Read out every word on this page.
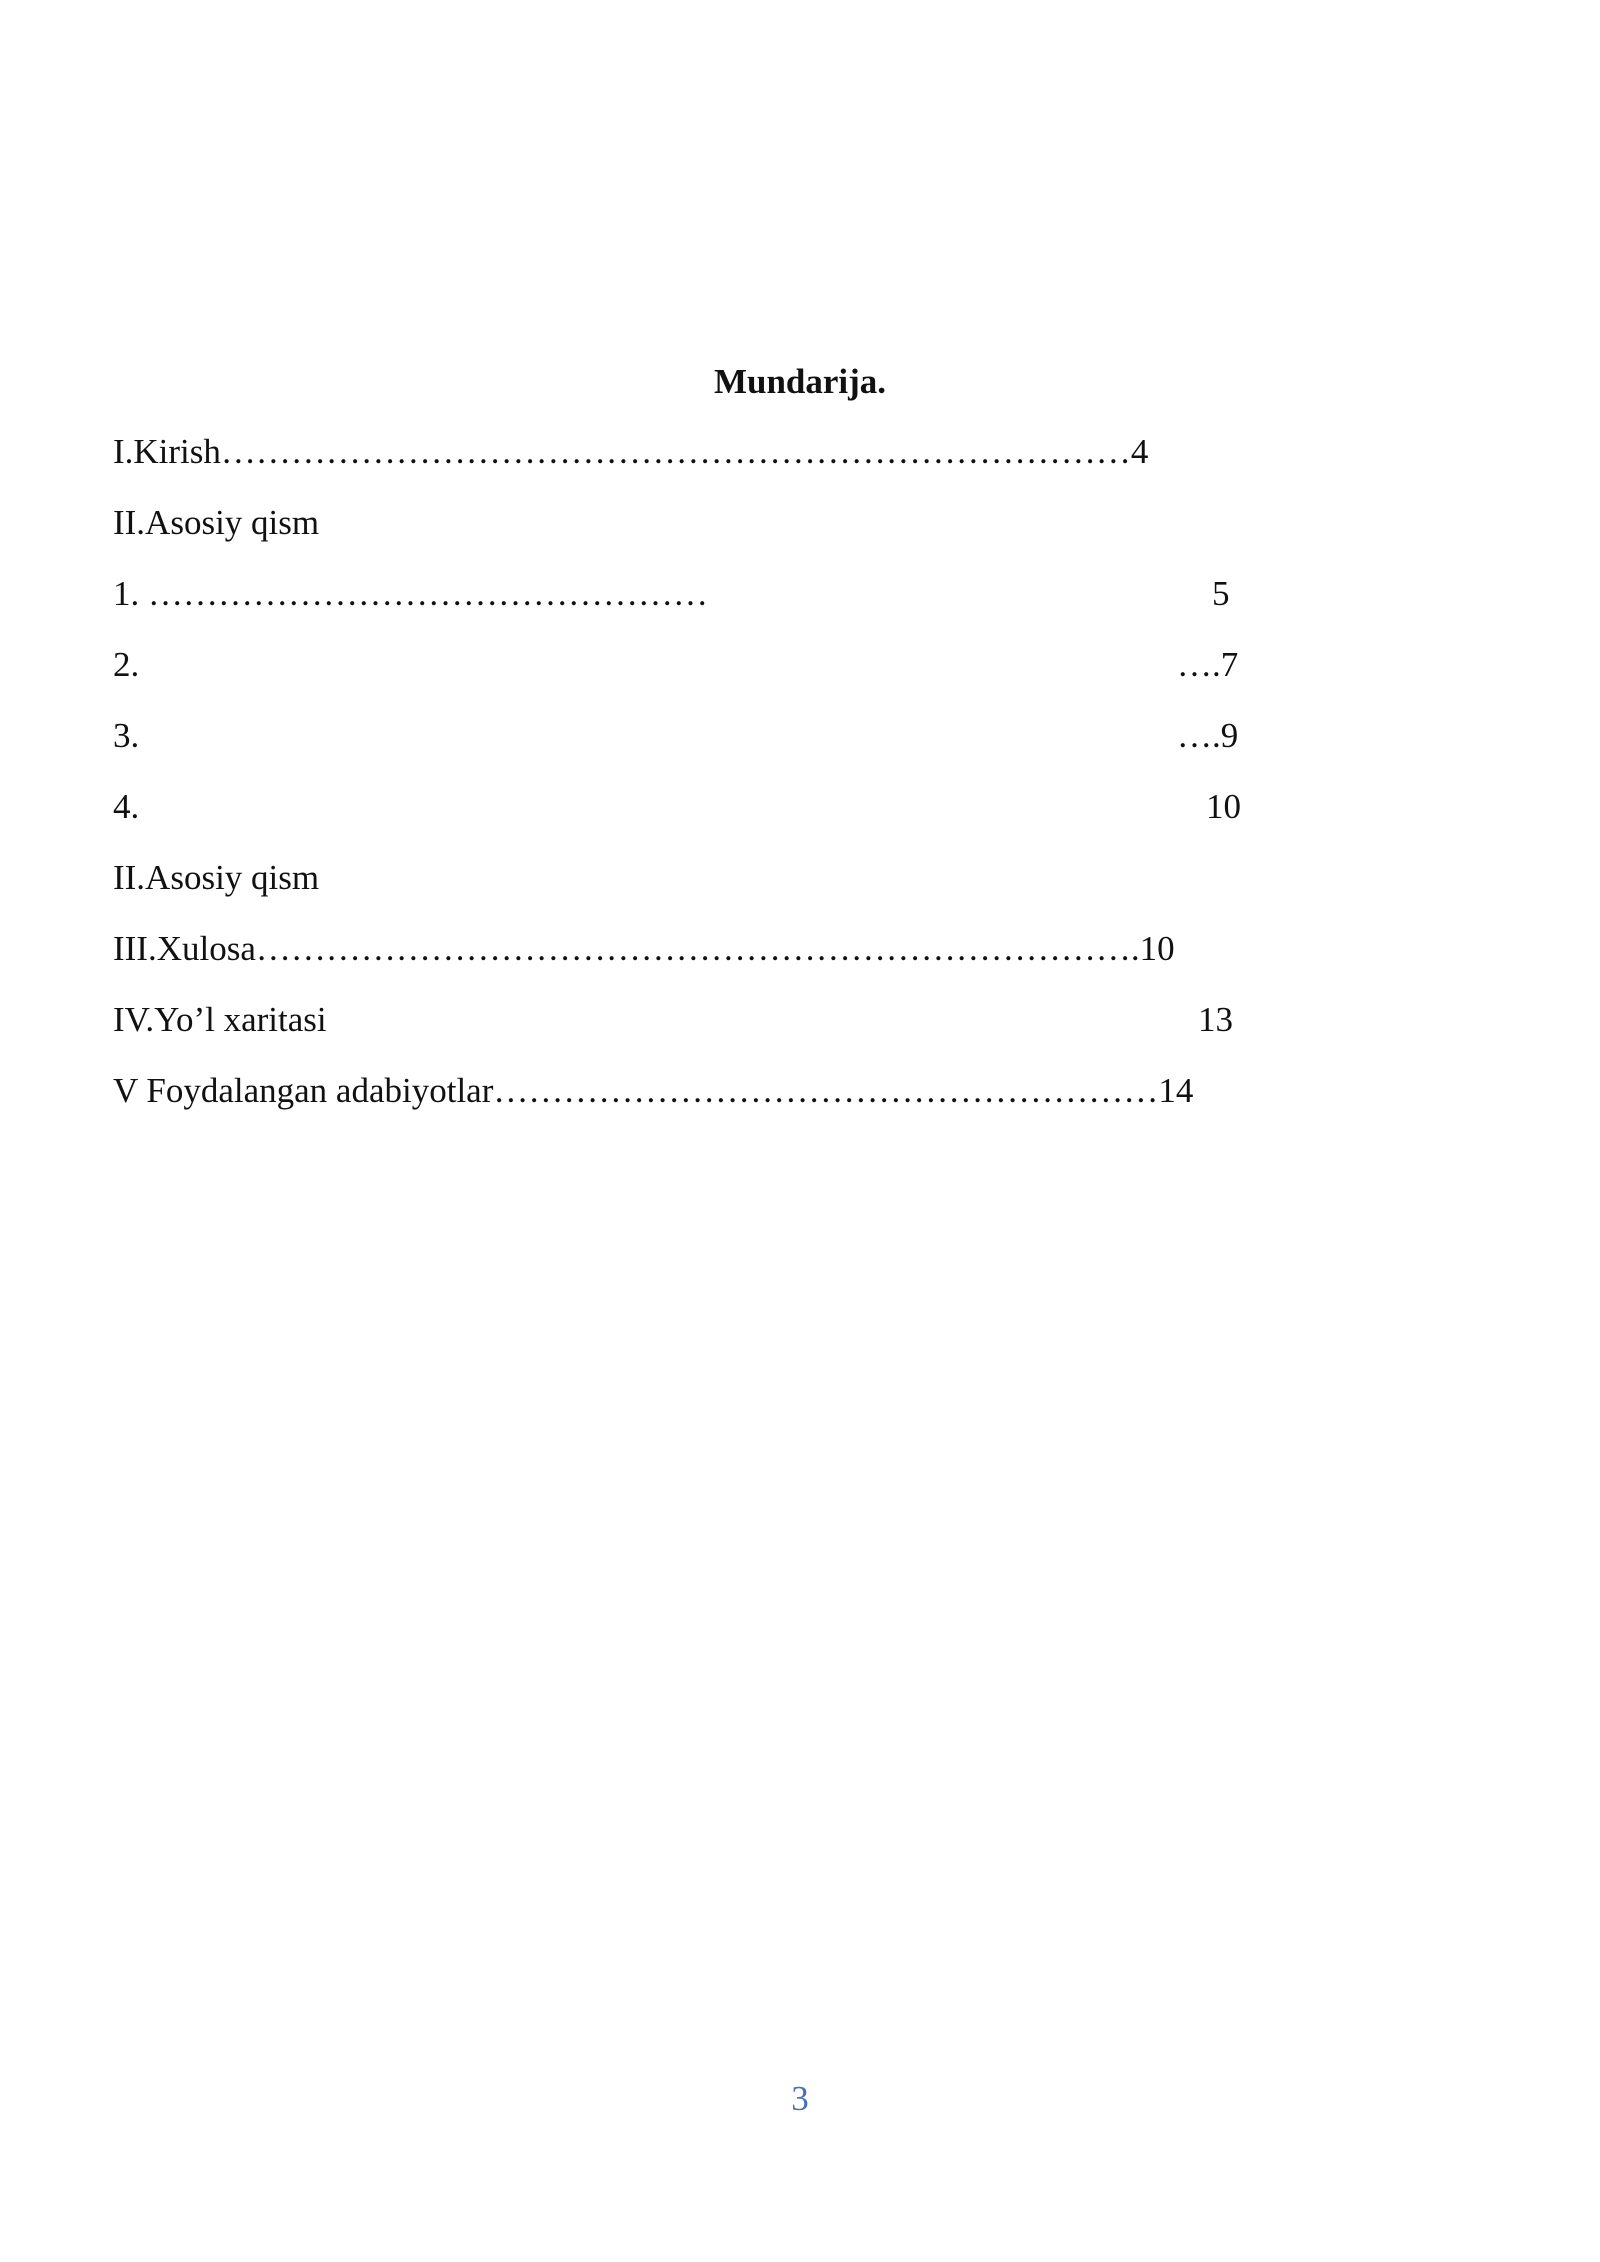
Mundarija.
I.Kirish……………………………………………………………………4
II.Asosiy qism
1. …………………………………………	5
2.	….7
3.	….9
4.	10
II.Asosiy qism
III.Xulosa………………………………………………………………….10
IV.Yo’l xaritasi	13
V Foydalangan adabiyotlar…………………………………………………14
3
